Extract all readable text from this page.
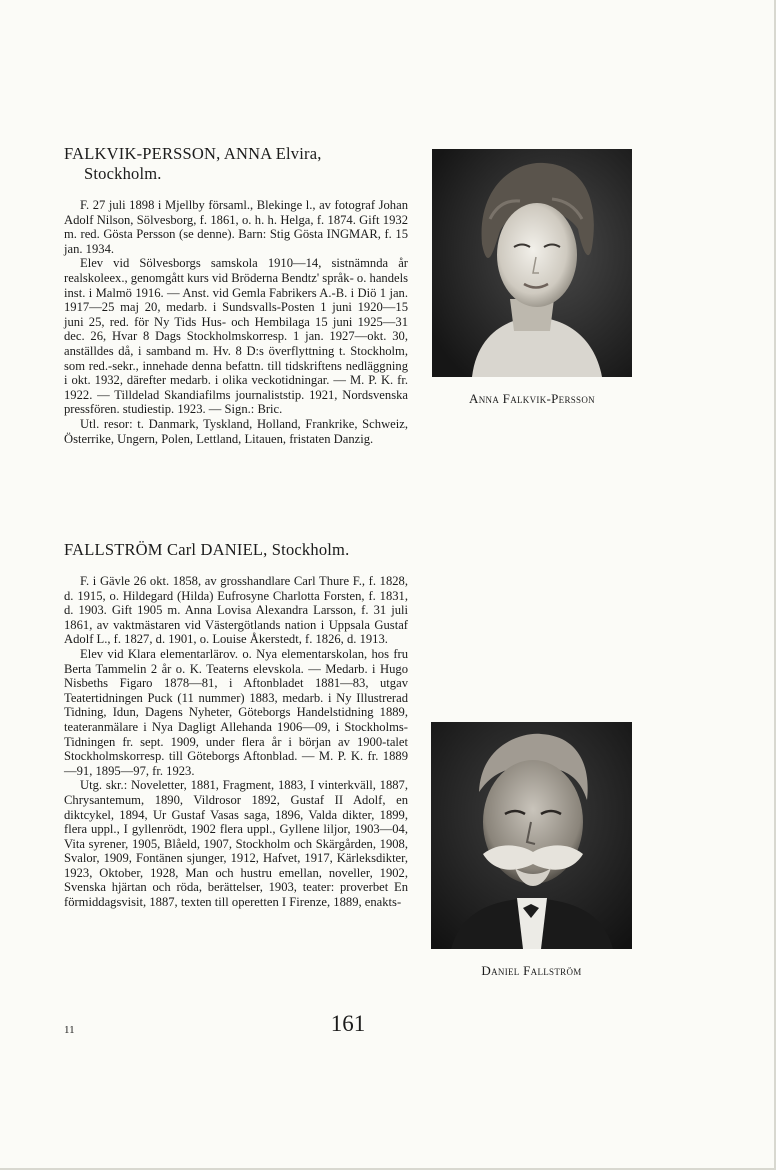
FALKVIK-PERSSON, ANNA Elvira,
Stockholm.

F. 27 juli 1898 i Mjellby församl., Blekinge l., av fotograf Johan Adolf Nilson, Sölvesborg, f. 1861, o. h. h. Helga, f. 1874. Gift 1932 m. red. Gösta Persson (se denne). Barn: Stig Gösta INGMAR, f. 15 jan. 1934.

Elev vid Sölvesborgs samskola 1910—14, sistnämnda år realskoleex., genomgått kurs vid Bröderna Bendtz' språk- o. handels inst. i Malmö 1916. — Anst. vid Gemla Fabrikers A.-B. i Diö 1 jan. 1917—25 maj 20, medarb. i Sundsvalls-Posten 1 juni 1920—15 juni 25, red. för Ny Tids Hus- och Hembilaga 15 juni 1925—31 dec. 26, Hvar 8 Dags Stockholmskorresp. 1 jan. 1927—okt. 30, anställdes då, i samband m. Hv. 8 D:s överflyttning t. Stockholm, som red.-sekr., innehade denna befattn. till tidskriftens nedläggning i okt. 1932, därefter medarb. i olika veckotidningar. — M. P. K. fr. 1922. — Tilldelad Skandiafilms journaliststip. 1921, Nordsvenska pressfören. studiestip. 1923. — Sign.: Bric.

Utl. resor: t. Danmark, Tyskland, Holland, Frankrike, Schweiz, Österrike, Ungern, Polen, Lettland, Litauen, fristaten Danzig.

Anna Falkvik-Persson
FALLSTRÖM Carl DANIEL, Stockholm.

F. i Gävle 26 okt. 1858, av grosshandlare Carl Thure F., f. 1828, d. 1915, o. Hildegard (Hilda) Eufrosyne Charlotta Forsten, f. 1831, d. 1903. Gift 1905 m. Anna Lovisa Alexandra Larsson, f. 31 juli 1861, av vaktmästaren vid Västergötlands nation i Uppsala Gustaf Adolf L., f. 1827, d. 1901, o. Louise Åkerstedt, f. 1826, d. 1913.

Elev vid Klara elementarlärov. o. Nya elementarskolan, hos fru Berta Tammelin 2 år o. K. Teaterns elevskola. — Medarb. i Hugo Nisbeths Figaro 1878—81, i Aftonbladet 1881—83, utgav Teatertidningen Puck (11 nummer) 1883, medarb. i Ny Illustrerad Tidning, Idun, Dagens Nyheter, Göteborgs Handelstidning 1889, teateranmälare i Nya Dagligt Allehanda 1906—09, i Stockholms-Tidningen fr. sept. 1909, under flera år i början av 1900-talet Stockholmskorresp. till Göteborgs Aftonblad. — M. P. K. fr. 1889—91, 1895—97, fr. 1923.

Utg. skr.: Noveletter, 1881, Fragment, 1883, I vinterkväll, 1887, Chrysantemum, 1890, Vildrosor 1892, Gustaf II Adolf, en diktcykel, 1894, Ur Gustaf Vasas saga, 1896, Valda dikter, 1899, flera uppl., I gyllenrödt, 1902 flera uppl., Gyllene liljor, 1903—04, Vita syrener, 1905, Blåeld, 1907, Stockholm och Skärgården, 1908, Svalor, 1909, Fontänen sjunger, 1912, Hafvet, 1917, Kärleksdikter, 1923, Oktober, 1928, Man och hustru emellan, noveller, 1902, Svenska hjärtan och röda, berättelser, 1903, teater: proverbet En förmiddagsvisit, 1887, texten till operetten I Firenze, 1889, enakts-

Daniel Fallström
11	161
